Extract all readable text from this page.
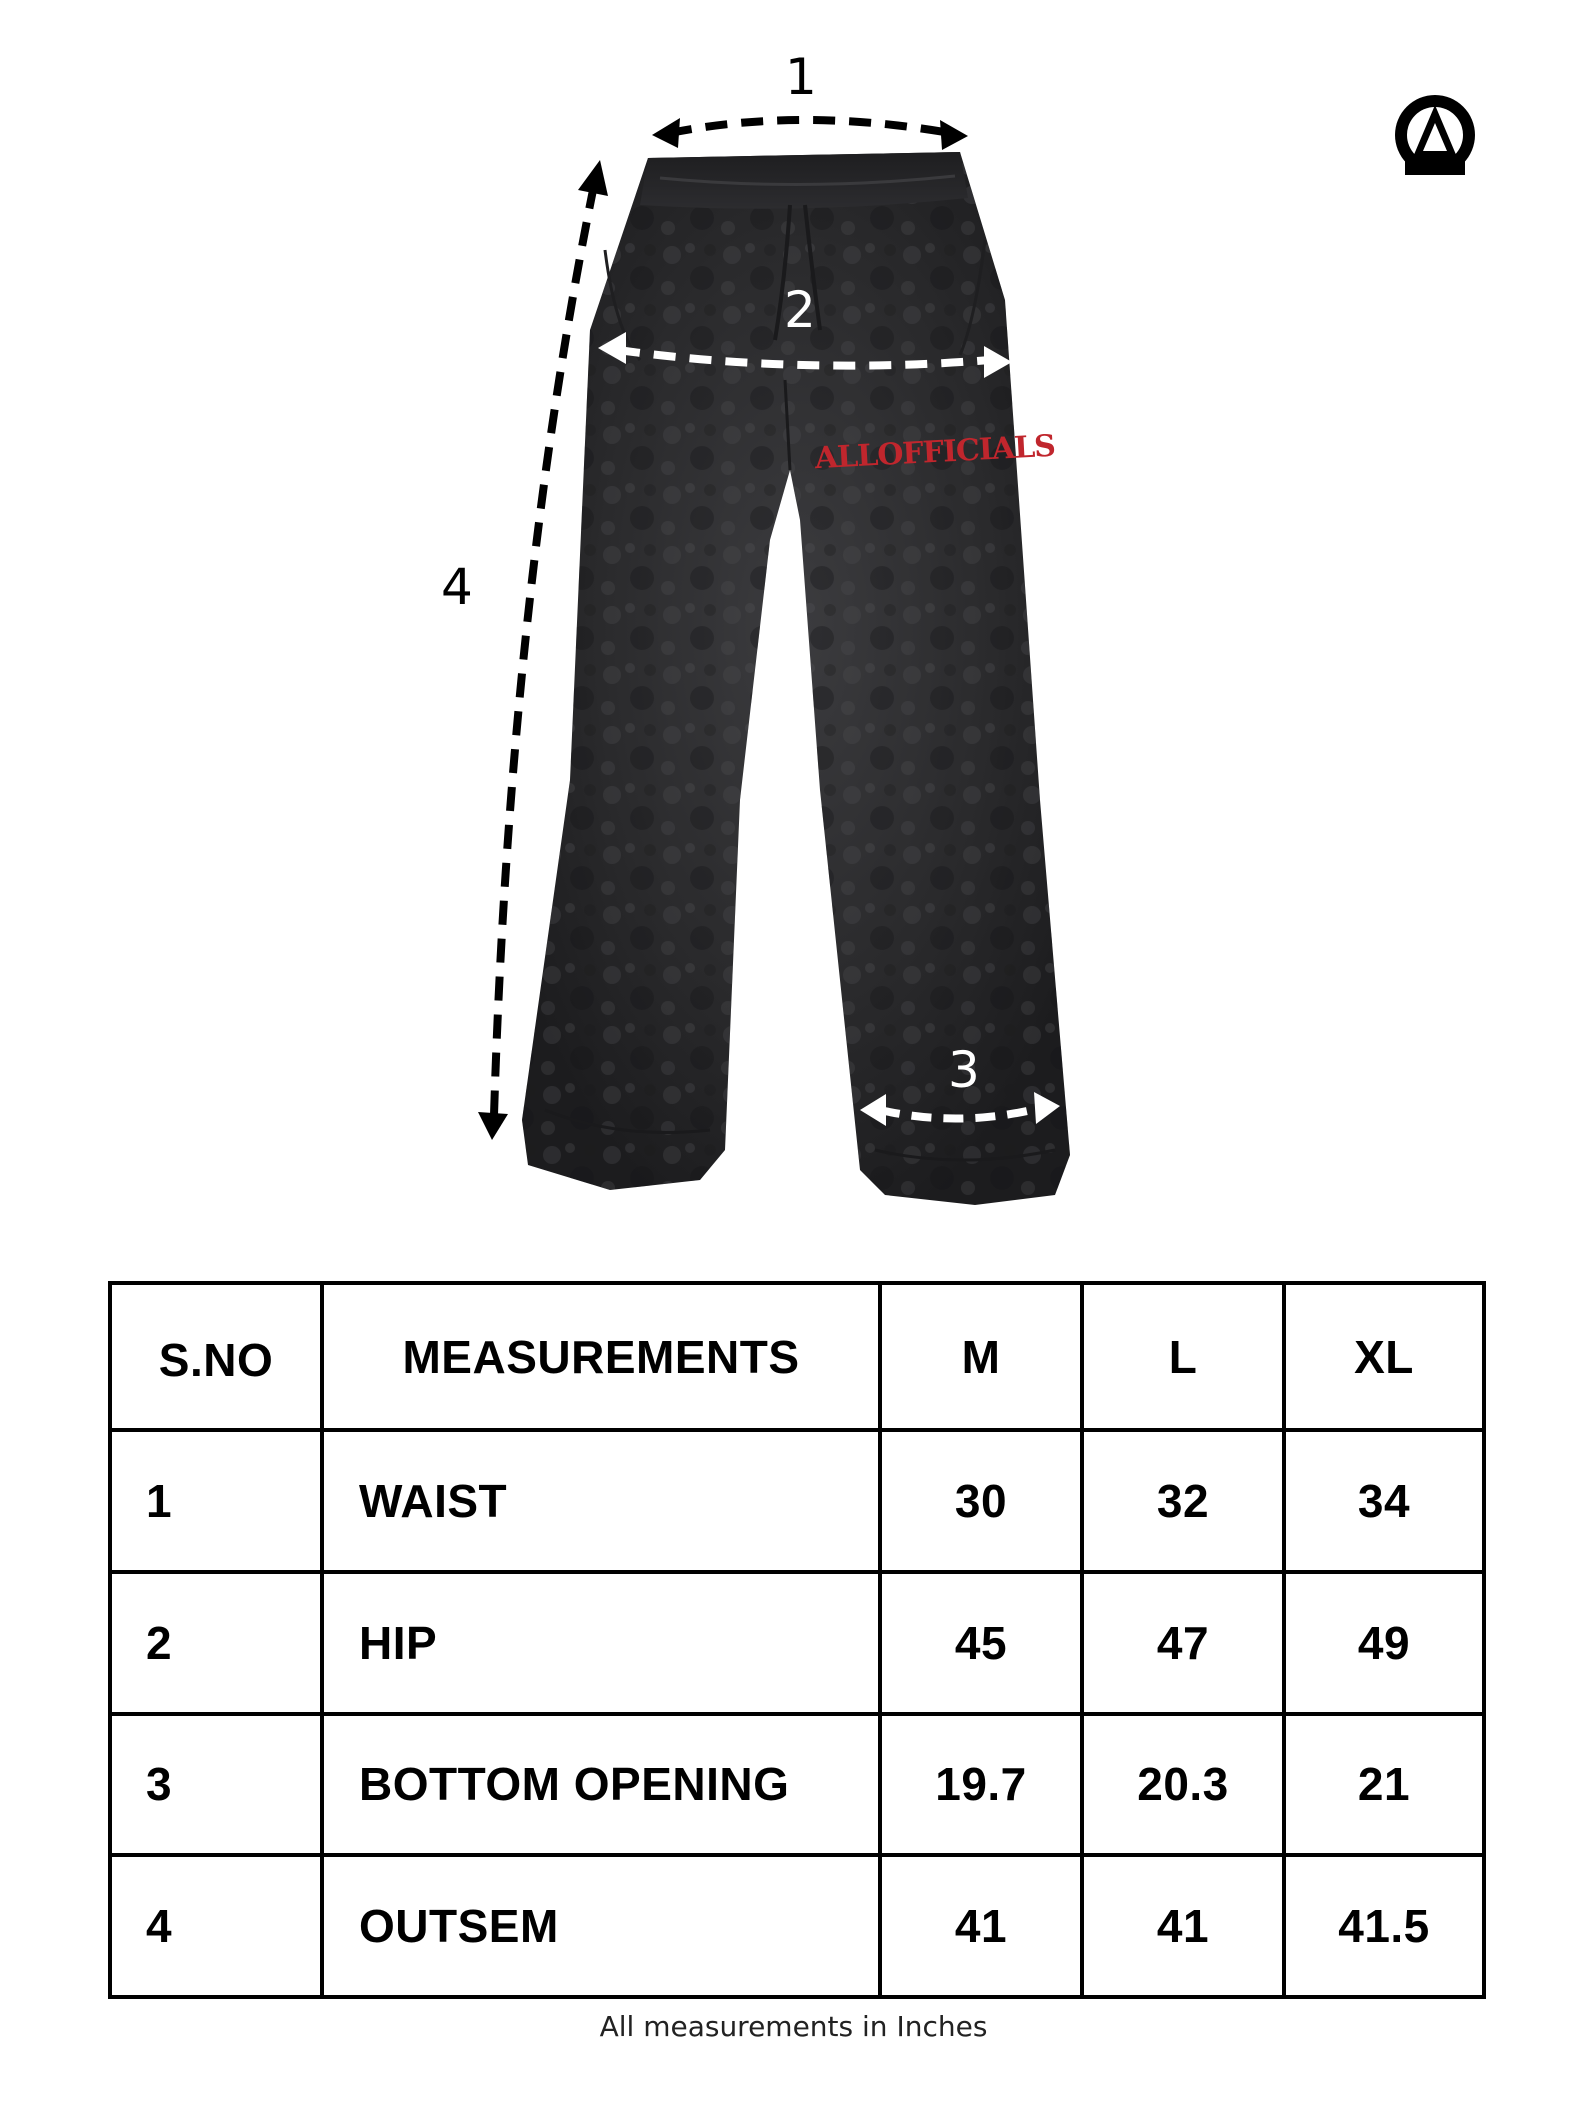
ALLOFFICIALS
1
2
3
4
S.NO	MEASUREMENTS	M	L	XL
1	WAIST	30	32	34
2	HIP	45	47	49
3	BOTTOM OPENING	19.7	20.3	21
4	OUTSEM	41	41	41.5
All measurements in Inches
